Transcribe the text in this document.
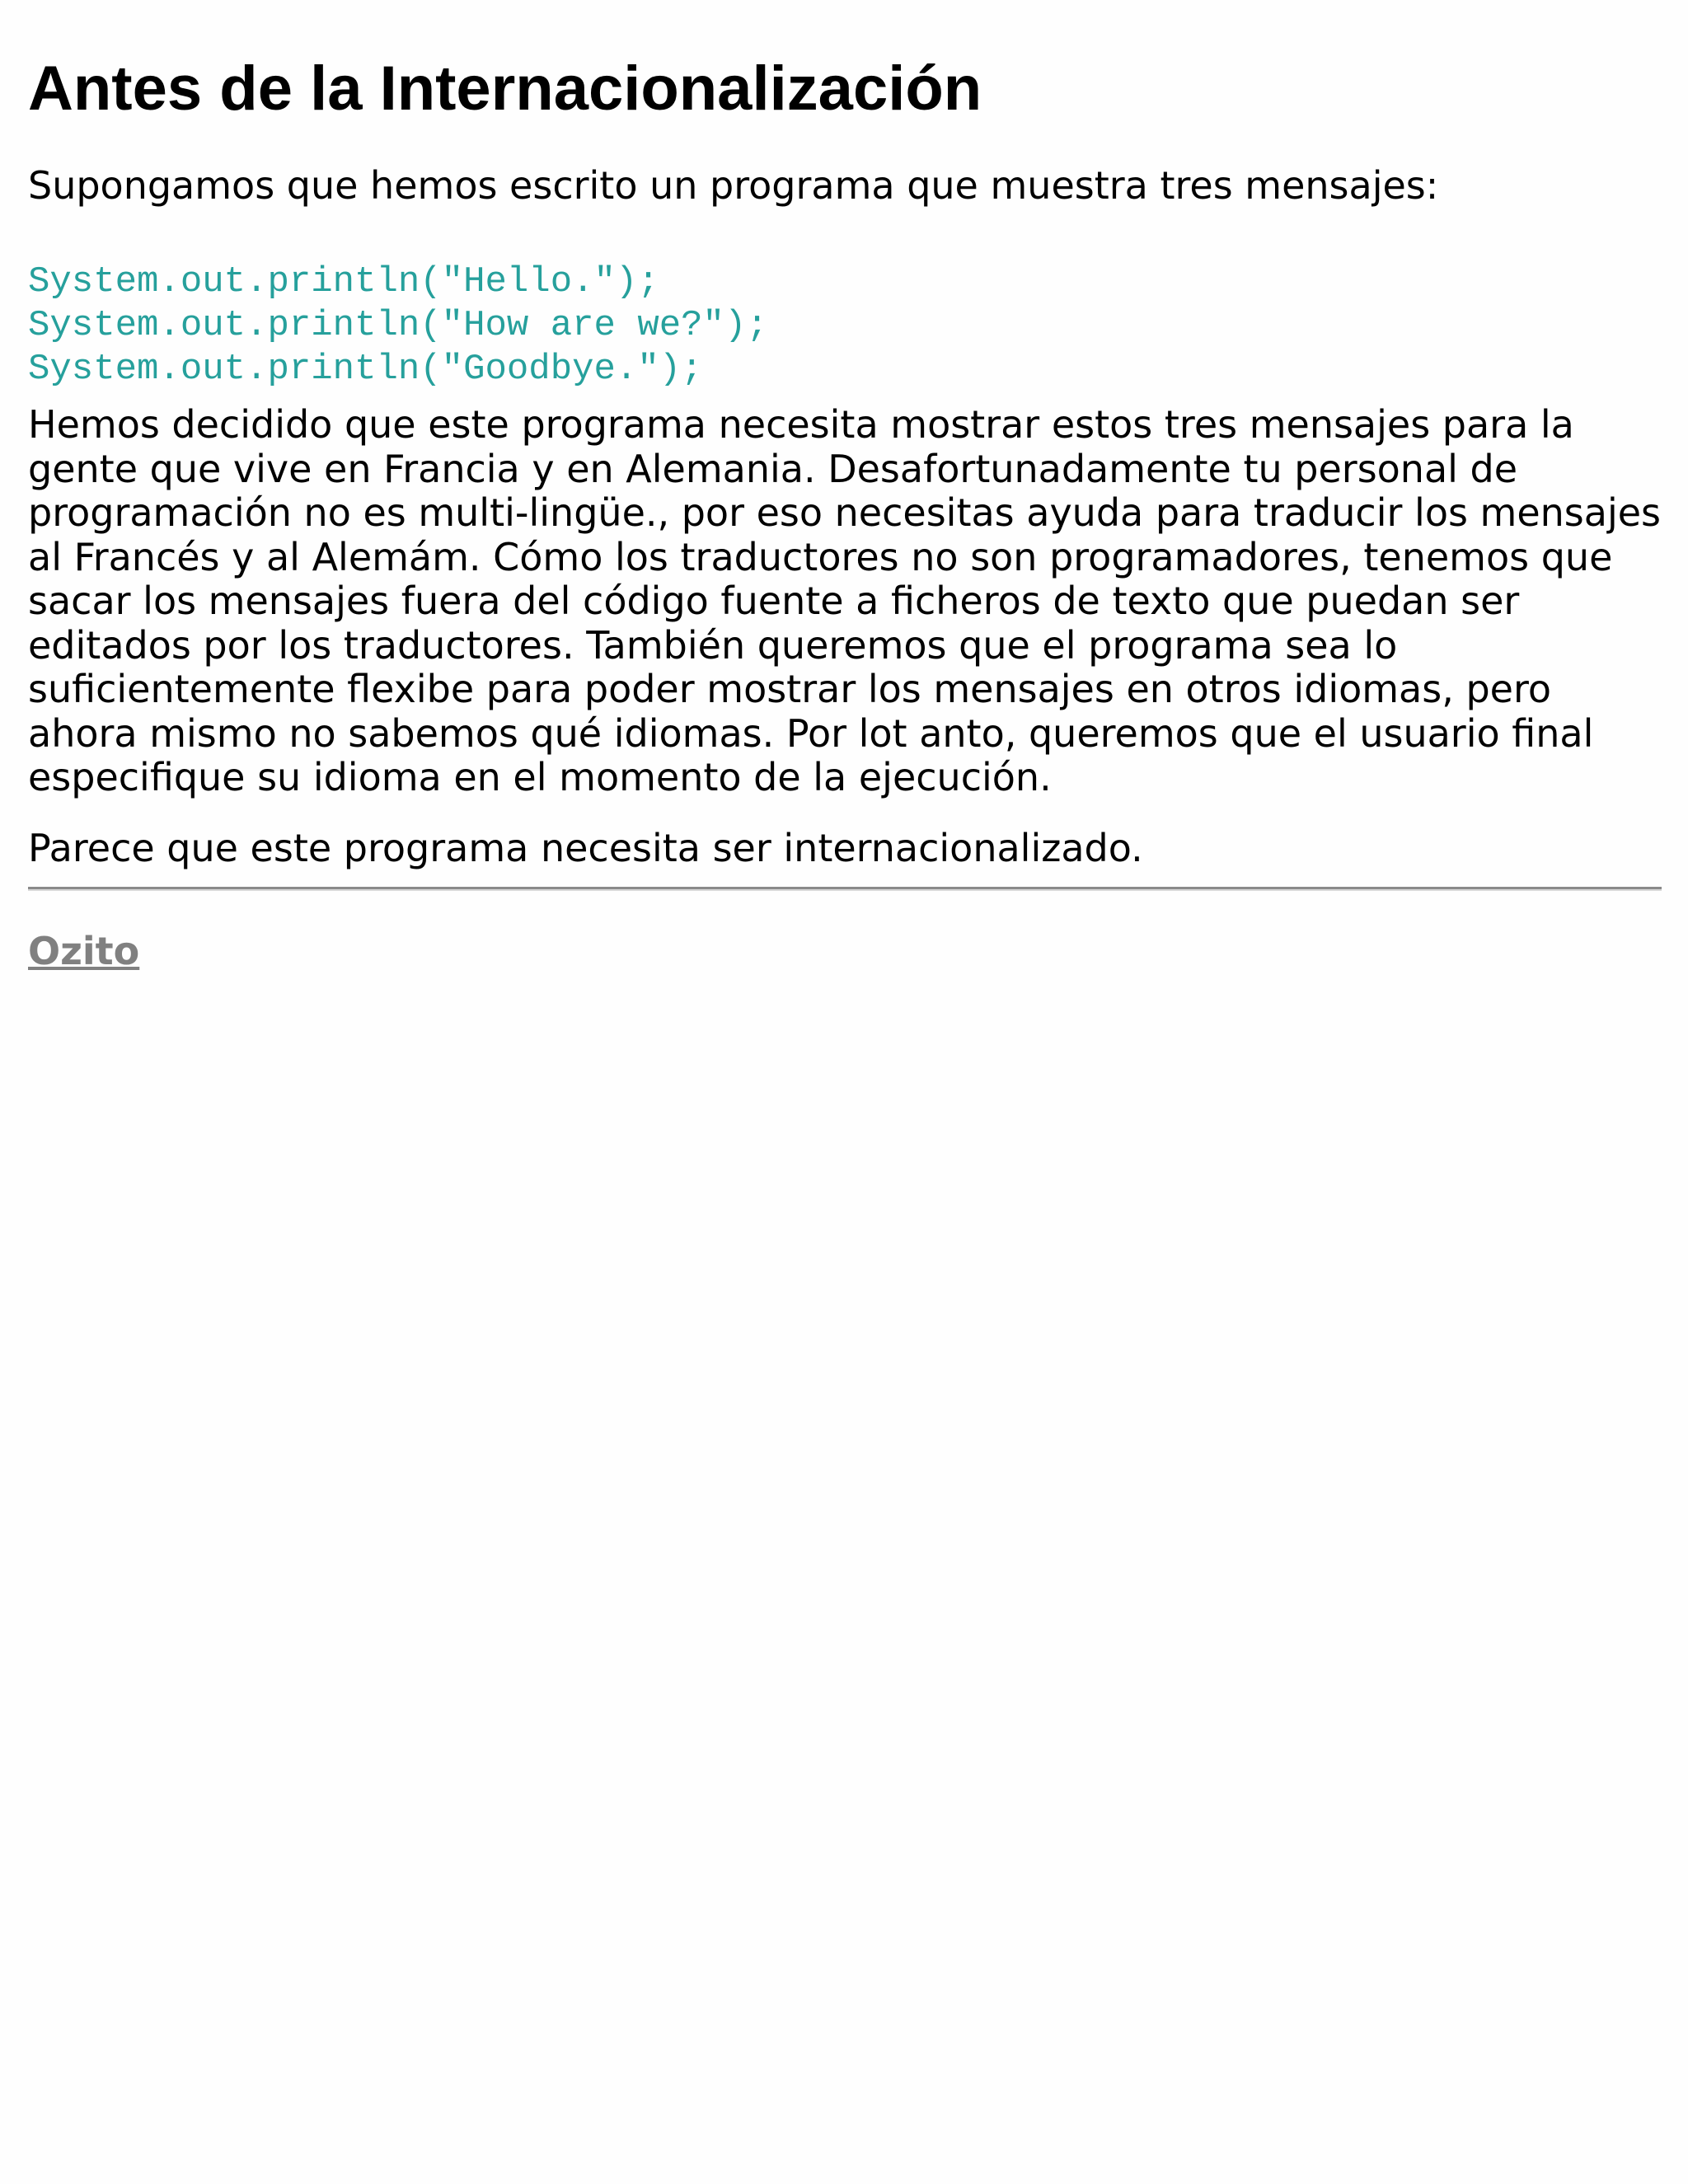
Antes de la Internacionalización

Supongamos que hemos escrito un programa que muestra tres mensajes:

System.out.println("Hello.");
System.out.println("How are we?");
System.out.println("Goodbye.");

Hemos decidido que este programa necesita mostrar estos tres mensajes para la gente que vive en Francia y en Alemania. Desafortunadamente tu personal de programación no es multi-lingüe., por eso necesitas ayuda para traducir los mensajes al Francés y al Alemám. Cómo los traductores no son programadores, tenemos que sacar los mensajes fuera del código fuente a ficheros de texto que puedan ser editados por los traductores. También queremos que el programa sea lo suficientemente flexibe para poder mostrar los mensajes en otros idiomas, pero ahora mismo no sabemos qué idiomas. Por lot anto, queremos que el usuario final especifique su idioma en el momento de la ejecución.

Parece que este programa necesita ser internacionalizado.

Ozito
